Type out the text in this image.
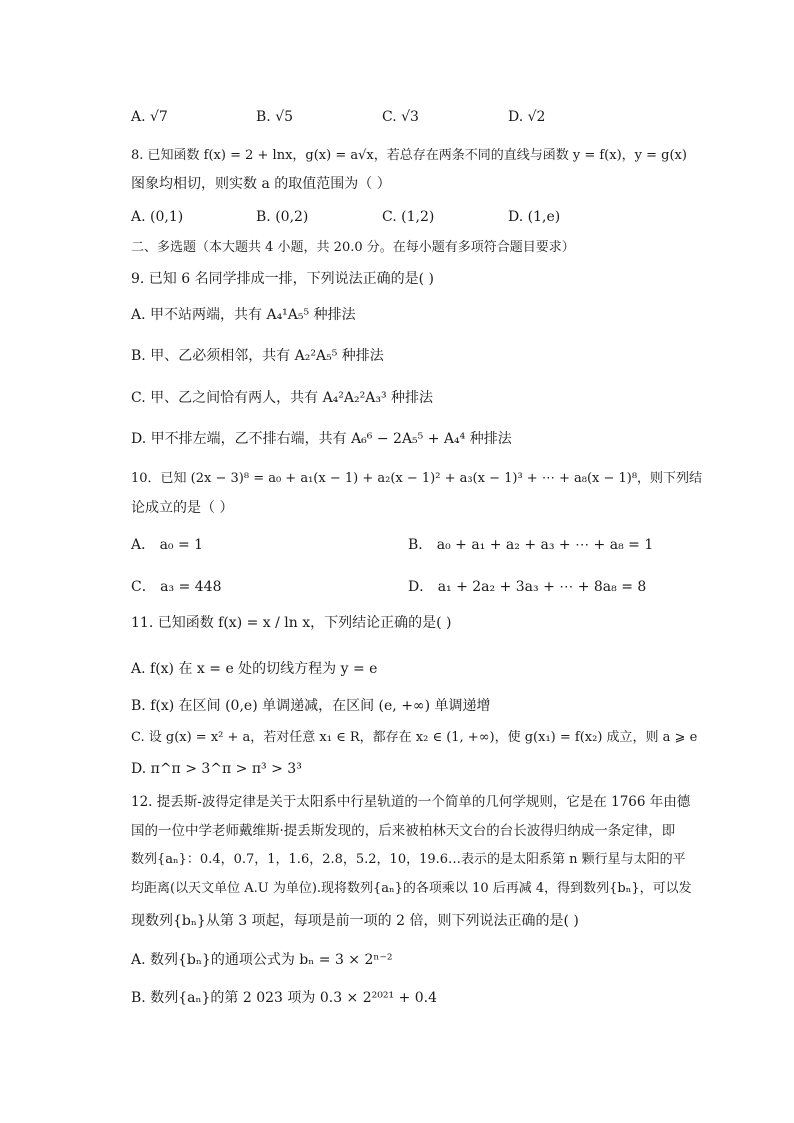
A. √7	B. √5	C. √3	D. √2
8. 已知函数 f(x) = 2 + lnx，g(x) = a√x，若总存在两条不同的直线与函数 y = f(x)，y = g(x)
图象均相切，则实数 a 的取值范围为（ ）
A. (0,1)	B. (0,2)	C. (1,2)	D. (1,e)
二、多选题（本大题共 4 小题，共 20.0 分。在每小题有多项符合题目要求）
9. 已知 6 名同学排成一排，下列说法正确的是( )
A. 甲不站两端，共有 A₄¹A₅⁵ 种排法
B. 甲、乙必须相邻，共有 A₂²A₅⁵ 种排法
C. 甲、乙之间恰有两人，共有 A₄²A₂²A₃³ 种排法
D. 甲不排左端，乙不排右端，共有 A₆⁶ − 2A₅⁵ + A₄⁴ 种排法
10．已知 (2x − 3)⁸ = a₀ + a₁(x − 1) + a₂(x − 1)² + a₃(x − 1)³ + ⋯ + a₈(x − 1)⁸，则下列结
论成立的是（ ）
A． a₀ = 1	B． a₀ + a₁ + a₂ + a₃ + ⋯ + a₈ = 1
C． a₃ = 448	D． a₁ + 2a₂ + 3a₃ + ⋯ + 8a₈ = 8
11. 已知函数 f(x) = x / ln x，下列结论正确的是( )
A. f(x) 在 x = e 处的切线方程为 y = e
B. f(x) 在区间 (0,e) 单调递减，在区间 (e, +∞) 单调递增
C. 设 g(x) = x² + a，若对任意 x₁ ∈ R，都存在 x₂ ∈ (1, +∞)，使 g(x₁) = f(x₂) 成立，则 a ⩾ e
D. π^π > 3^π > π³ > 3³
12. 提丢斯-波得定律是关于太阳系中行星轨道的一个简单的几何学规则，它是在 1766 年由德
国的一位中学老师戴维斯·提丢斯发现的，后来被柏林天文台的台长波得归纳成一条定律，即
数列{aₙ}：0.4，0.7，1，1.6，2.8，5.2，10，19.6…表示的是太阳系第 n 颗行星与太阳的平
均距离(以天文单位 A.U 为单位).现将数列{aₙ}的各项乘以 10 后再减 4，得到数列{bₙ}，可以发
现数列{bₙ}从第 3 项起，每项是前一项的 2 倍，则下列说法正确的是( )
A. 数列{bₙ}的通项公式为 bₙ = 3 × 2ⁿ⁻²
B. 数列{aₙ}的第 2 023 项为 0.3 × 2²⁰²¹ + 0.4
